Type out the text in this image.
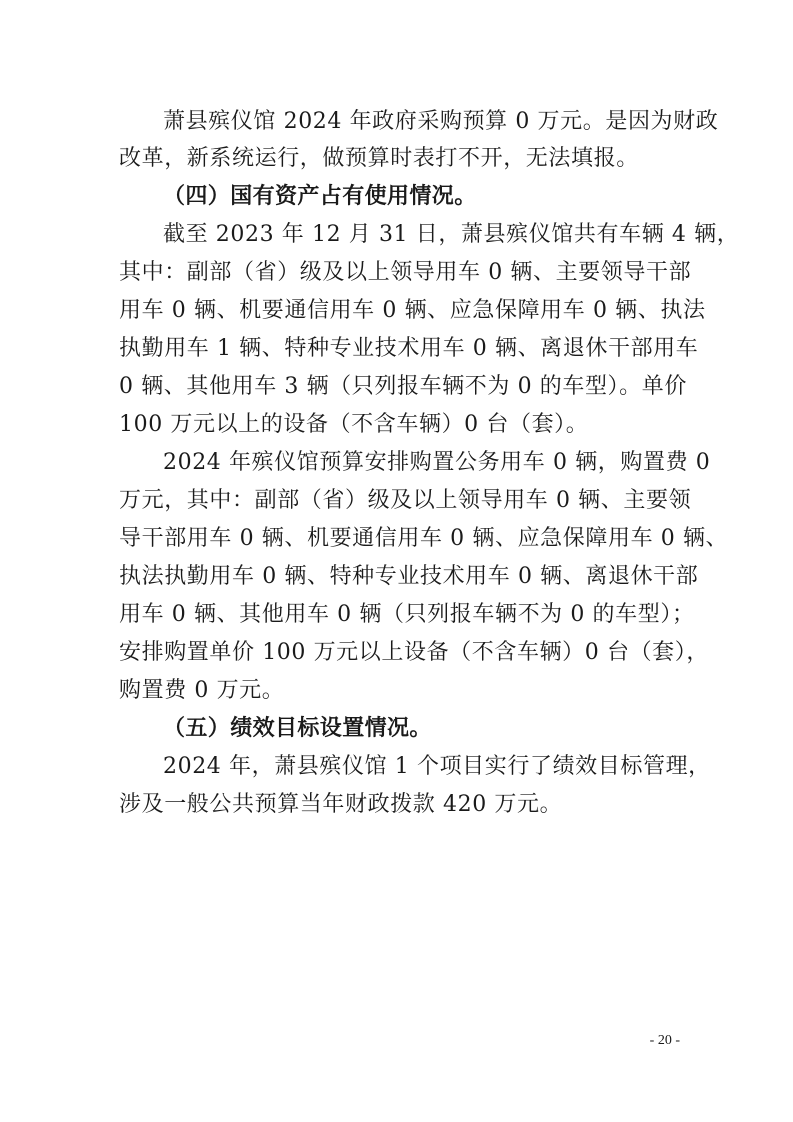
萧县殡仪馆 2024 年政府采购预算 0 万元。是因为财政
改革，新系统运行，做预算时表打不开，无法填报。
（四）国有资产占有使用情况。
截至 2023 年 12 月 31 日，萧县殡仪馆共有车辆 4 辆，
其中：副部（省）级及以上领导用车 0 辆、主要领导干部
用车 0 辆、机要通信用车 0 辆、应急保障用车 0 辆、执法
执勤用车 1 辆、特种专业技术用车 0 辆、离退休干部用车
0 辆、其他用车 3 辆（只列报车辆不为 0 的车型）。单价
100 万元以上的设备（不含车辆）0 台（套）。
2024 年殡仪馆预算安排购置公务用车 0 辆，购置费 0
万元，其中：副部（省）级及以上领导用车 0 辆、主要领
导干部用车 0 辆、机要通信用车 0 辆、应急保障用车 0 辆、
执法执勤用车 0 辆、特种专业技术用车 0 辆、离退休干部
用车 0 辆、其他用车 0 辆（只列报车辆不为 0 的车型）；
安排购置单价 100 万元以上设备（不含车辆）0 台（套），
购置费 0 万元。
（五）绩效目标设置情况。
2024 年，萧县殡仪馆 1 个项目实行了绩效目标管理，
涉及一般公共预算当年财政拨款 420 万元。
- 20 -
